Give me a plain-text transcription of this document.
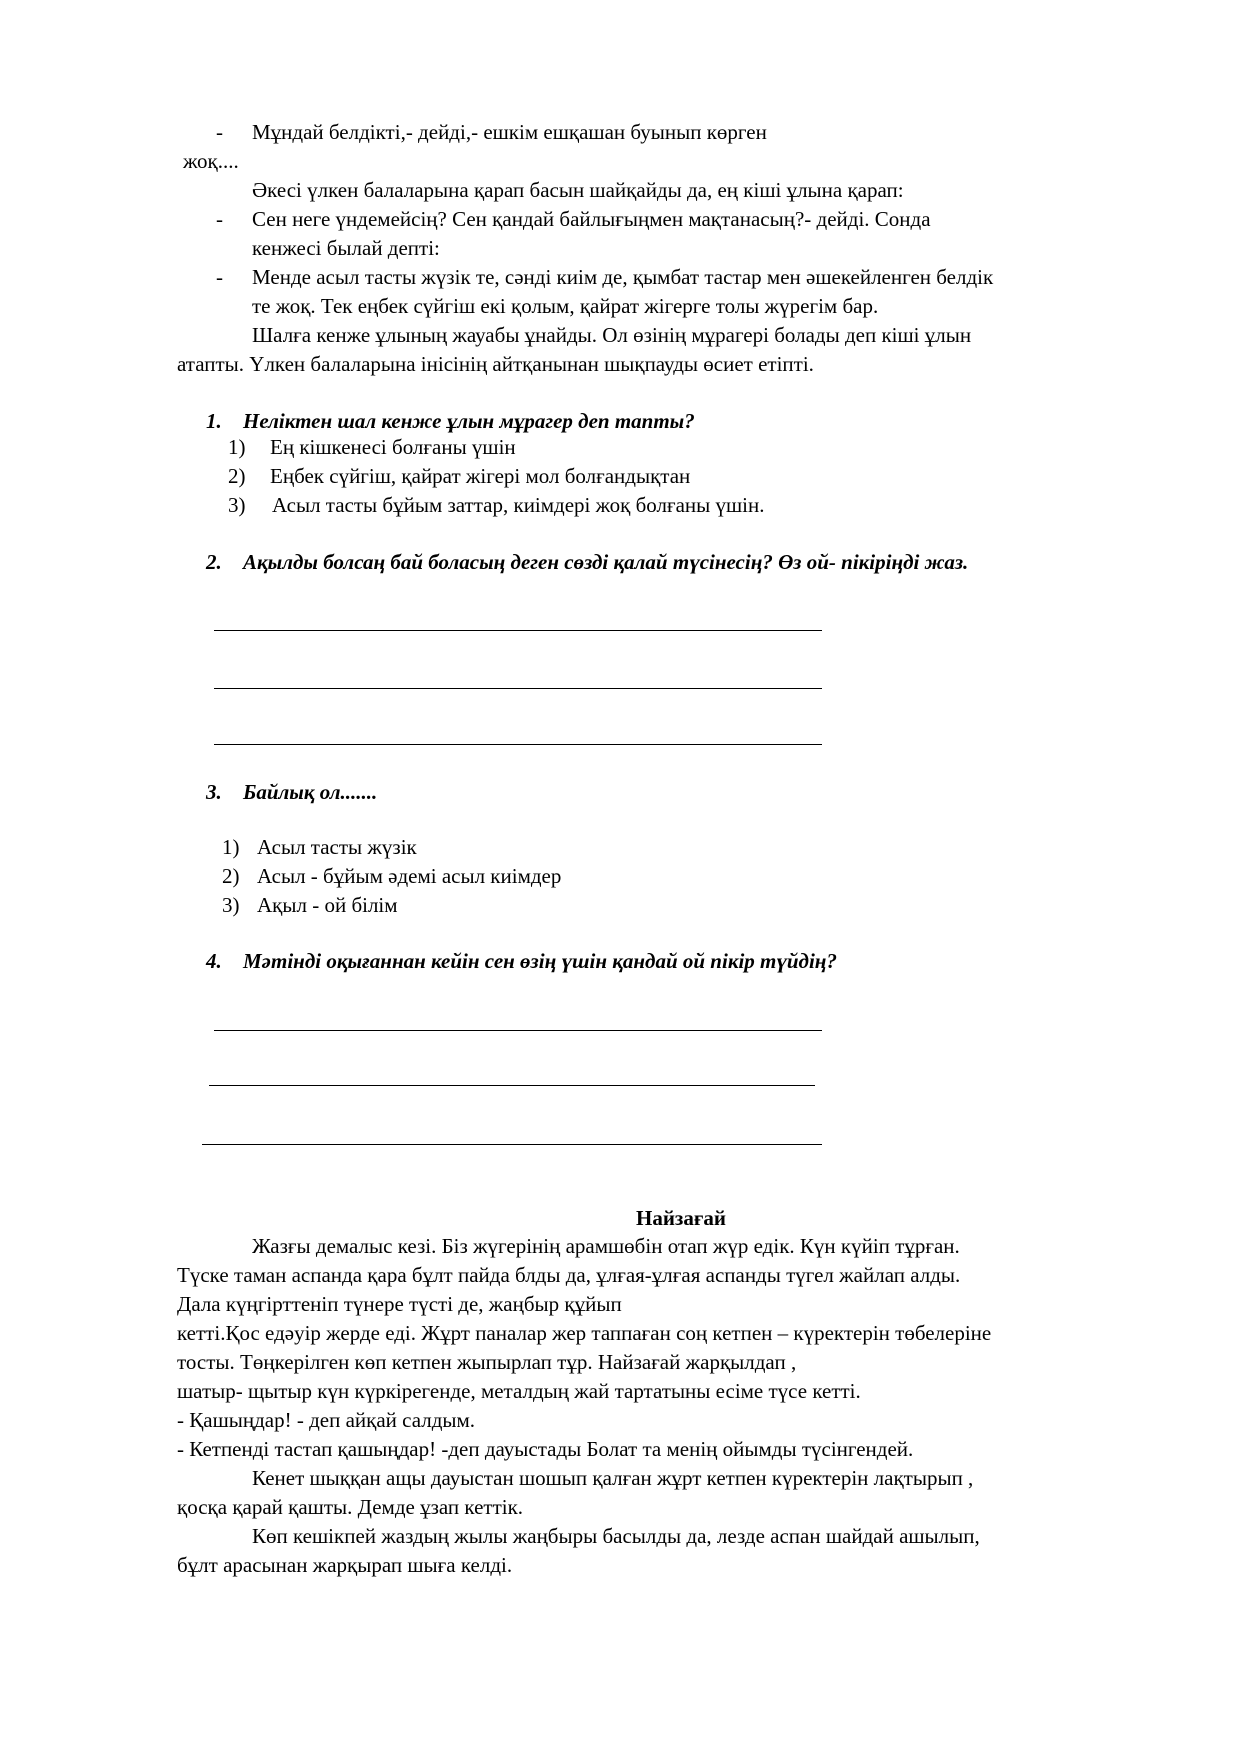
- Мұндай белдікті,- дейді,- ешкім ешқашан буынып көрген
жоқ....
Әкесі үлкен балаларына қарап басын шайқайды да, ең кіші ұлына қарап:
- Сен неге үндемейсің? Сен қандай байлығыңмен мақтанасың?- дейді. Сонда
кенжесі былай депті:
- Менде асыл тасты жүзік те, сәнді киім де, қымбат тастар мен әшекейленген белдік
те жоқ. Тек еңбек сүйгіш екі қолым, қайрат жігерге толы жүрегім бар.
Шалға кенже ұлының жауабы ұнайды. Ол өзінің мұрагері болады деп кіші ұлын
атапты. Үлкен балаларына інісінің айтқанынан шықпауды өсиет етіпті.
1. Неліктен шал кенже ұлын мұрагер деп тапты?
1) Ең кішкенесі болғаны үшін
2) Еңбек сүйгіш, қайрат жігері мол болғандықтан
3) Асыл тасты бұйым заттар, киімдері жоқ болғаны үшін.
2. Ақылды болсаң бай боласың деген сөзді қалай түсінесің? Өз ой- пікіріңді жаз.
3. Байлық ол.......
1) Асыл тасты жүзік
2) Асыл - бұйым әдемі асыл киімдер
3) Ақыл - ой білім
4. Мәтінді оқығаннан кейін сен өзің үшін қандай ой пікір түйдің?
Найзағай
Жазғы демалыс кезі. Біз жүгерінің арамшөбін отап жүр едік. Күн күйіп тұрған.
Түске таман аспанда қара бұлт пайда блды да, ұлғая-ұлғая аспанды түгел жайлап алды.
Дала күңгірттеніп түнере түсті де, жаңбыр құйып
кетті.Қос едәуір жерде еді. Жұрт паналар жер таппаған соң кетпен – күректерін төбелеріне
тосты. Төңкерілген көп кетпен жыпырлап тұр. Найзағай жарқылдап ,
шатыр- щытыр күн күркірегенде, металдың жай тартатыны есіме түсе кетті.
- Қашыңдар! - деп айқай салдым.
- Кетпенді тастап қашыңдар! -деп дауыстады Болат та менің ойымды түсінгендей.
Кенет шыққан ащы дауыстан шошып қалған жұрт кетпен күректерін лақтырып ,
қосқа қарай қашты. Демде ұзап кеттік.
Көп кешікпей жаздың жылы жаңбыры басылды да, лезде аспан шайдай ашылып,
бұлт арасынан жарқырап шыға келді.
